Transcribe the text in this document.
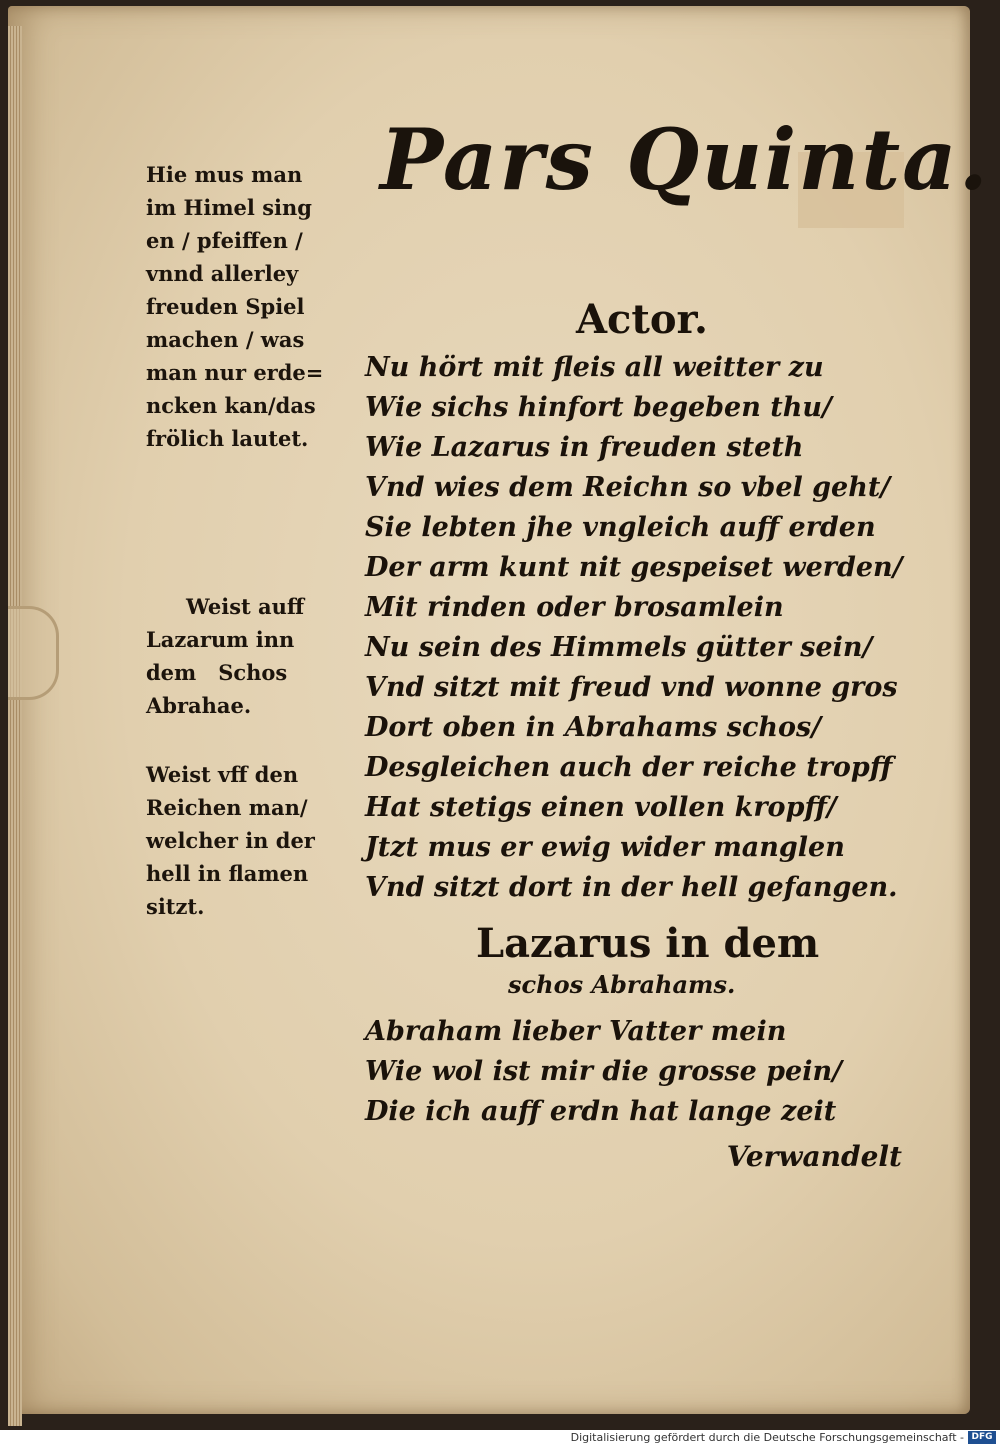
Pars Quinta.
Hie mus man
im Himel sing
en / pfeiffen /
vnnd allerley
freuden Spiel
machen / was
man nur erde=
ncken kan/das
frölich lautet.
Weist auff
Lazarum inn
dem   Schos
Abrahae.
Weist vff den
Reichen man/
welcher in der
hell in flamen
sitzt.
Actor.
Nu hört mit fleis all weitter zu
Wie sichs hinfort begeben thu/
Wie Lazarus in freuden steth
Vnd wies dem Reichn so vbel geht/
Sie lebten jhe vngleich auff erden
Der arm kunt nit gespeiset werden/
Mit rinden oder brosamlein
Nu sein des Himmels gütter sein/
Vnd sitzt mit freud vnd wonne gros
Dort oben in Abrahams schos/
Desgleichen auch der reiche tropff
Hat stetigs einen vollen kropff/
Jtzt mus er ewig wider manglen
Vnd sitzt dort in der hell gefangen.
Lazarus in dem
schos Abrahams.
Abraham lieber Vatter mein
Wie wol ist mir die grosse pein/
Die ich auff erdn hat lange zeit
Verwandelt
Digitalisierung gefördert durch die Deutsche Forschungsgemeinschaft - DFG
